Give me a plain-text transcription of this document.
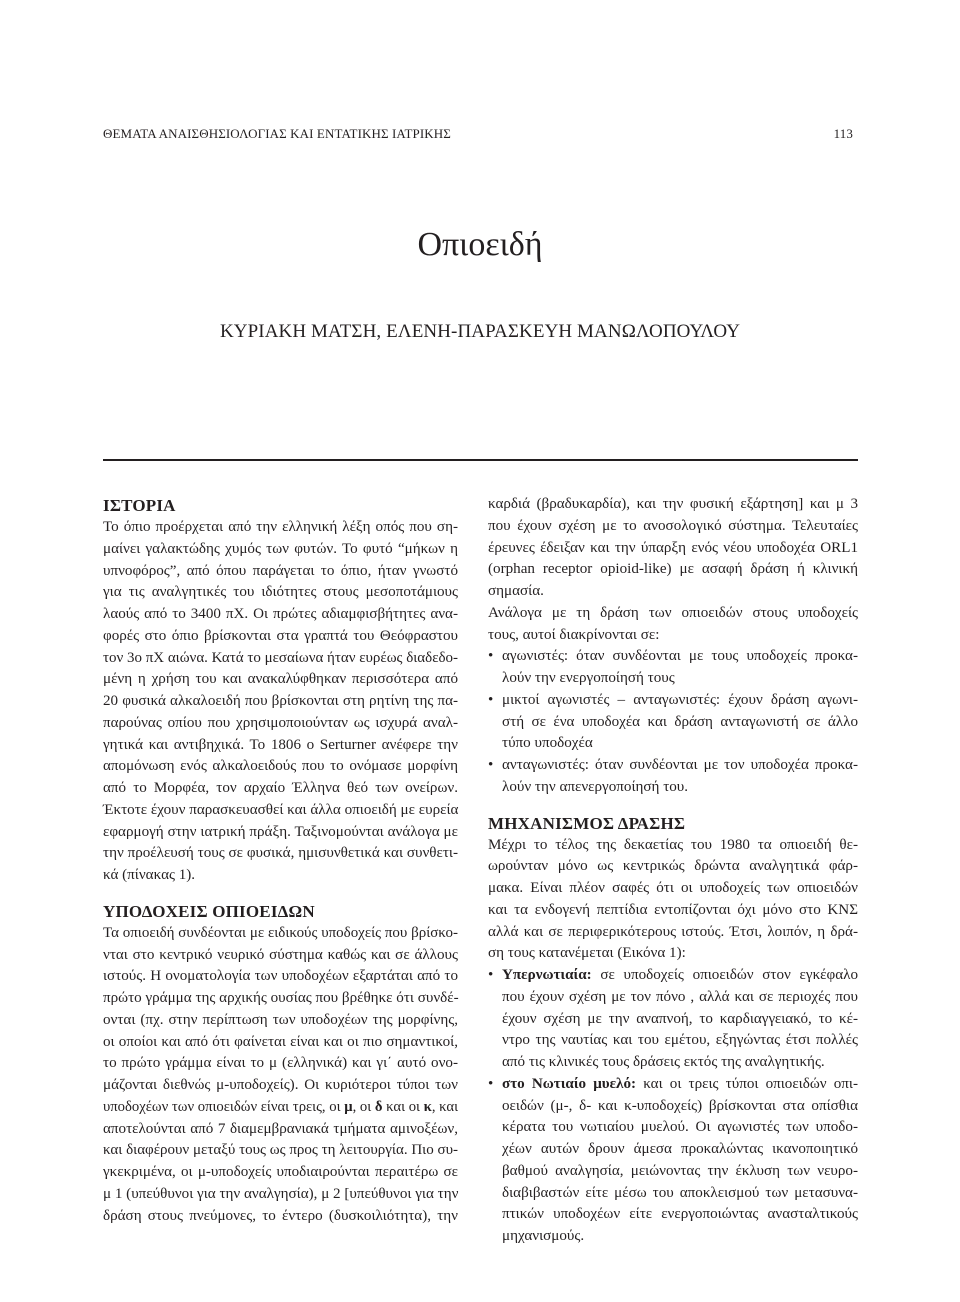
ΘΕΜΑΤΑ ΑΝΑΙΣΘΗΣΙΟΛΟΓΙΑΣ ΚΑΙ ΕΝΤΑΤΙΚΗΣ ΙΑΤΡΙΚΗΣ	113
Οπιοειδή

ΚΥΡΙΑΚΗ ΜΑΤΣΗ, ΕΛΕΝΗ-ΠΑΡΑΣΚΕΥΗ ΜΑΝΩΛΟΠΟΥΛΟΥ

ΙΣΤΟΡΙΑ

Το όπιο προέρχεται από την ελληνική λέξη οπός που ση-
μαίνει γαλακτώδης χυμός των φυτών. Το φυτό “μήκων η
υπνοφόρος”, από όπου παράγεται το όπιο, ήταν γνωστό
για τις αναλγητικές του ιδιότητες στους μεσοποτάμιους
λαούς από το 3400 πΧ. Οι πρώτες αδιαμφισβήτητες ανα-
φορές στο όπιο βρίσκονται στα γραπτά του Θεόφραστου
τον 3ο πΧ αιώνα. Κατά το μεσαίωνα ήταν ευρέως διαδεδο-
μένη η χρήση του και ανακαλύφθηκαν περισσότερα από
20 φυσικά αλκαλοειδή που βρίσκονται στη ρητίνη της πα-
παρούνας οπίου που χρησιμοποιούνταν ως ισχυρά αναλ-
γητικά και αντιβηχικά. Το 1806 ο Serturner ανέφερε την
απομόνωση ενός αλκαλοειδούς που το ονόμασε μορφίνη
από το Μορφέα, τον αρχαίο Έλληνα θεό των ονείρων.
Έκτοτε έχουν παρασκευασθεί και άλλα οπιοειδή με ευρεία
εφαρμογή στην ιατρική πράξη. Ταξινομούνται ανάλογα με
την προέλευσή τους σε φυσικά, ημισυνθετικά και συνθετι-
κά (πίνακας 1).

ΥΠΟΔΟΧΕΙΣ ΟΠΙΟΕΙΔΩΝ

Τα οπιοειδή συνδέονται με ειδικούς υποδοχείς που βρίσκο-
νται στο κεντρικό νευρικό σύστημα καθώς και σε άλλους
ιστούς. Η ονοματολογία των υποδοχέων εξαρτάται από το
πρώτο γράμμα της αρχικής ουσίας που βρέθηκε ότι συνδέ-
ονται (πχ. στην περίπτωση των υποδοχέων της μορφίνης,
οι οποίοι και από ότι φαίνεται είναι και οι πιο σημαντικοί,
το πρώτο γράμμα είναι το μ (ελληνικά) και γι΄ αυτό ονο-
μάζονται διεθνώς μ-υποδοχείς). Οι κυριότεροι τύποι των
υποδοχέων των οπιοειδών είναι τρεις, οι μ, οι δ και οι κ, και
αποτελούνται από 7 διαμεμβρανιακά τμήματα αμινοξέων,
και διαφέρουν μεταξύ τους ως προς τη λειτουργία. Πιο συ-
γκεκριμένα, οι μ-υποδοχείς υποδιαιρούνται περαιτέρω σε
μ 1 (υπεύθυνοι για την αναλγησία), μ 2 [υπεύθυνοι για την
δράση στους πνεύμονες, το έντερο (δυσκοιλιότητα), την

καρδιά (βραδυκαρδία), και την φυσική εξάρτηση] και μ 3
που έχουν σχέση με το ανοσολογικό σύστημα. Τελευταίες
έρευνες έδειξαν και την ύπαρξη ενός νέου υποδοχέα ORL1
(orphan receptor opioid-like) με ασαφή δράση ή κλινική
σημασία.
Ανάλογα με τη δράση των οπιοειδών στους υποδοχείς
τους, αυτοί διακρίνονται σε:

• αγωνιστές: όταν συνδέονται με τους υποδοχείς προκα-
λούν την ενεργοποίησή τους
• μικτοί αγωνιστές – ανταγωνιστές: έχουν δράση αγωνι-
στή σε ένα υποδοχέα και δράση ανταγωνιστή σε άλλο
τύπο υποδοχέα
• ανταγωνιστές: όταν συνδέονται με τον υποδοχέα προκα-
λούν την απενεργοποίησή του.
ΜΗΧΑΝΙΣΜΟΣ ΔΡΑΣΗΣ

Μέχρι το τέλος της δεκαετίας του 1980 τα οπιοειδή θε-
ωρούνταν μόνο ως κεντρικώς δρώντα αναλγητικά φάρ-
μακα. Είναι πλέον σαφές ότι οι υποδοχείς των οπιοειδών
και τα ενδογενή πεπτίδια εντοπίζονται όχι μόνο στο ΚΝΣ
αλλά και σε περιφερικότερους ιστούς. Έτσι, λοιπόν, η δρά-
ση τους κατανέμεται (Εικόνα 1):

• Υπερνωτιαία: σε υποδοχείς οπιοειδών στον εγκέφαλο
που έχουν σχέση με τον πόνο , αλλά και σε περιοχές που
έχουν σχέση με την αναπνοή, το καρδιαγγειακό, το κέ-
ντρο της ναυτίας και του εμέτου, εξηγώντας έτσι πολλές
από τις κλινικές τους δράσεις εκτός της αναλγητικής.
• στο Νωτιαίο μυελό: και οι τρεις τύποι οπιοειδών οπι-
οειδών (μ-, δ- και κ-υποδοχείς) βρίσκονται στα οπίσθια
κέρατα του νωτιαίου μυελού. Οι αγωνιστές των υποδο-
χέων αυτών δρουν άμεσα προκαλώντας ικανοποιητικό
βαθμού αναλγησία, μειώνοντας την έκλυση των νευρο-
διαβιβαστών είτε μέσω του αποκλεισμού των μετασυνα-
πτικών υποδοχέων είτε ενεργοποιώντας ανασταλτικούς
μηχανισμούς.
